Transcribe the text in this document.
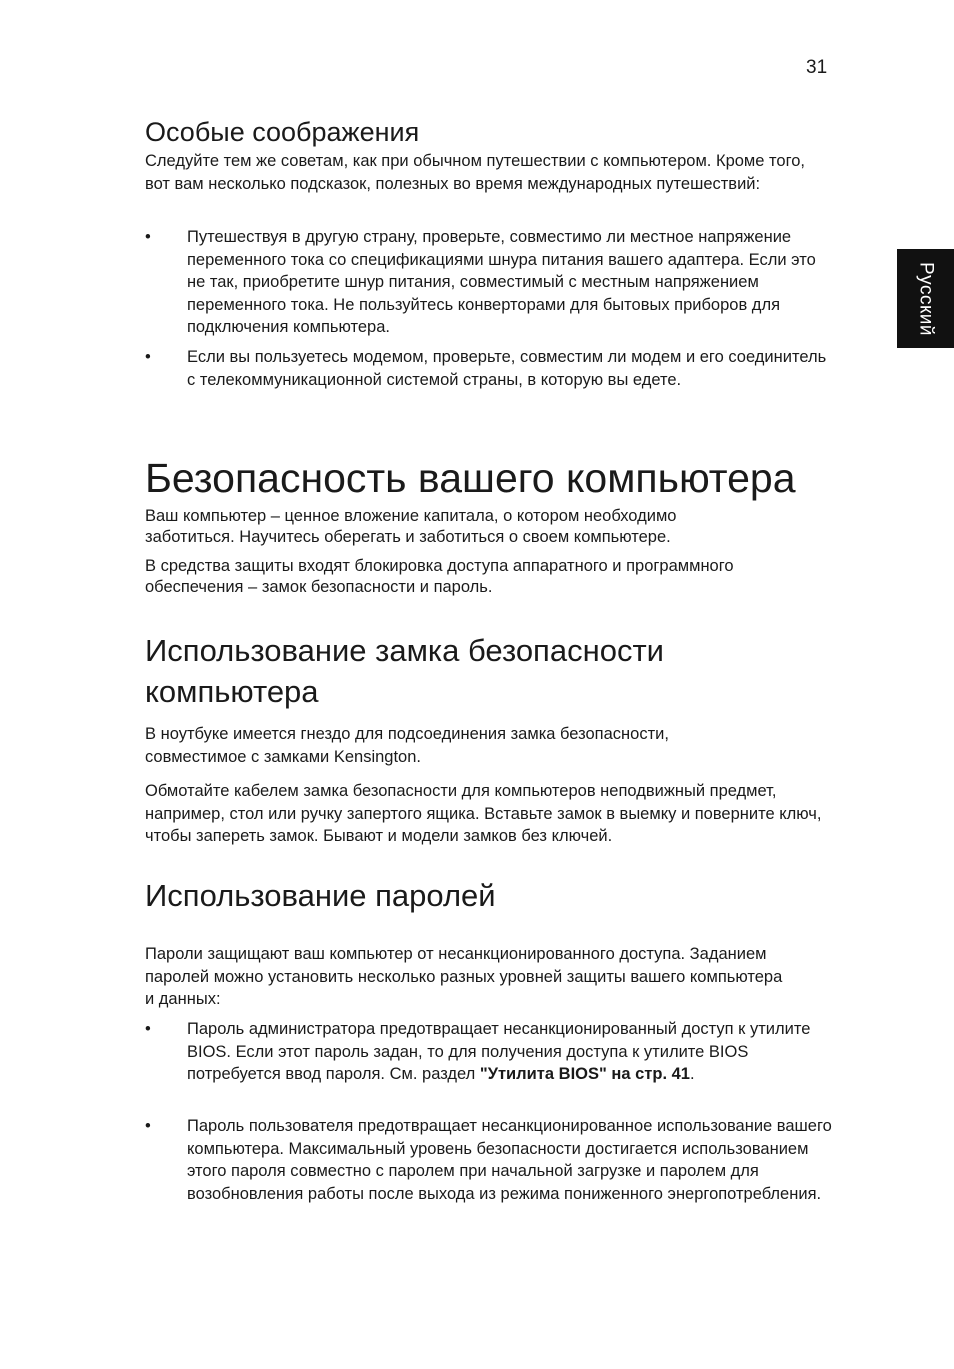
31
Русский
Особые соображения

Следуйте тем же советам, как при обычном путешествии с компьютером. Кроме того, вот вам несколько подсказок, полезных во время международных путешествий:

•	Путешествуя в другую страну, проверьте, совместимо ли местное напряжение переменного тока со спецификациями шнура питания вашего адаптера. Если это не так, приобретите шнур питания, совместимый с местным напряжением переменного тока. Не пользуйтесь конверторами для бытовых приборов для подключения компьютера.
•	Если вы пользуетесь модемом, проверьте, совместим ли модем и его соединитель с телекоммуникационной системой страны, в которую вы едете.
Безопасность вашего компьютера

Ваш компьютер – ценное вложение капитала, о котором необходимо заботиться. Научитесь оберегать и заботиться о своем компьютере.

В средства защиты входят блокировка доступа аппаратного и программного обеспечения – замок безопасности и пароль.

Использование замка безопасности компьютера

В ноутбуке имеется гнездо для подсоединения замка безопасности, совместимое с замками Kensington.

Обмотайте кабелем замка безопасности для компьютеров неподвижный предмет, например, стол или ручку запертого ящика. Вставьте замок в выемку и поверните ключ, чтобы запереть замок. Бывают и модели замков без ключей.

Использование паролей

Пароли защищают ваш компьютер от несанкционированного доступа. Заданием паролей можно установить несколько разных уровней защиты вашего компьютера и данных:

•	Пароль администратора предотвращает несанкционированный доступ к утилите BIOS. Если этот пароль задан, то для получения доступа к утилите BIOS потребуется ввод пароля. См. раздел "Утилита BIOS" на стр. 41.
•	Пароль пользователя предотвращает несанкционированное использование вашего компьютера. Максимальный уровень безопасности достигается использованием этого пароля совместно с паролем при начальной загрузке и паролем для возобновления работы после выхода из режима пониженного энергопотребления.
